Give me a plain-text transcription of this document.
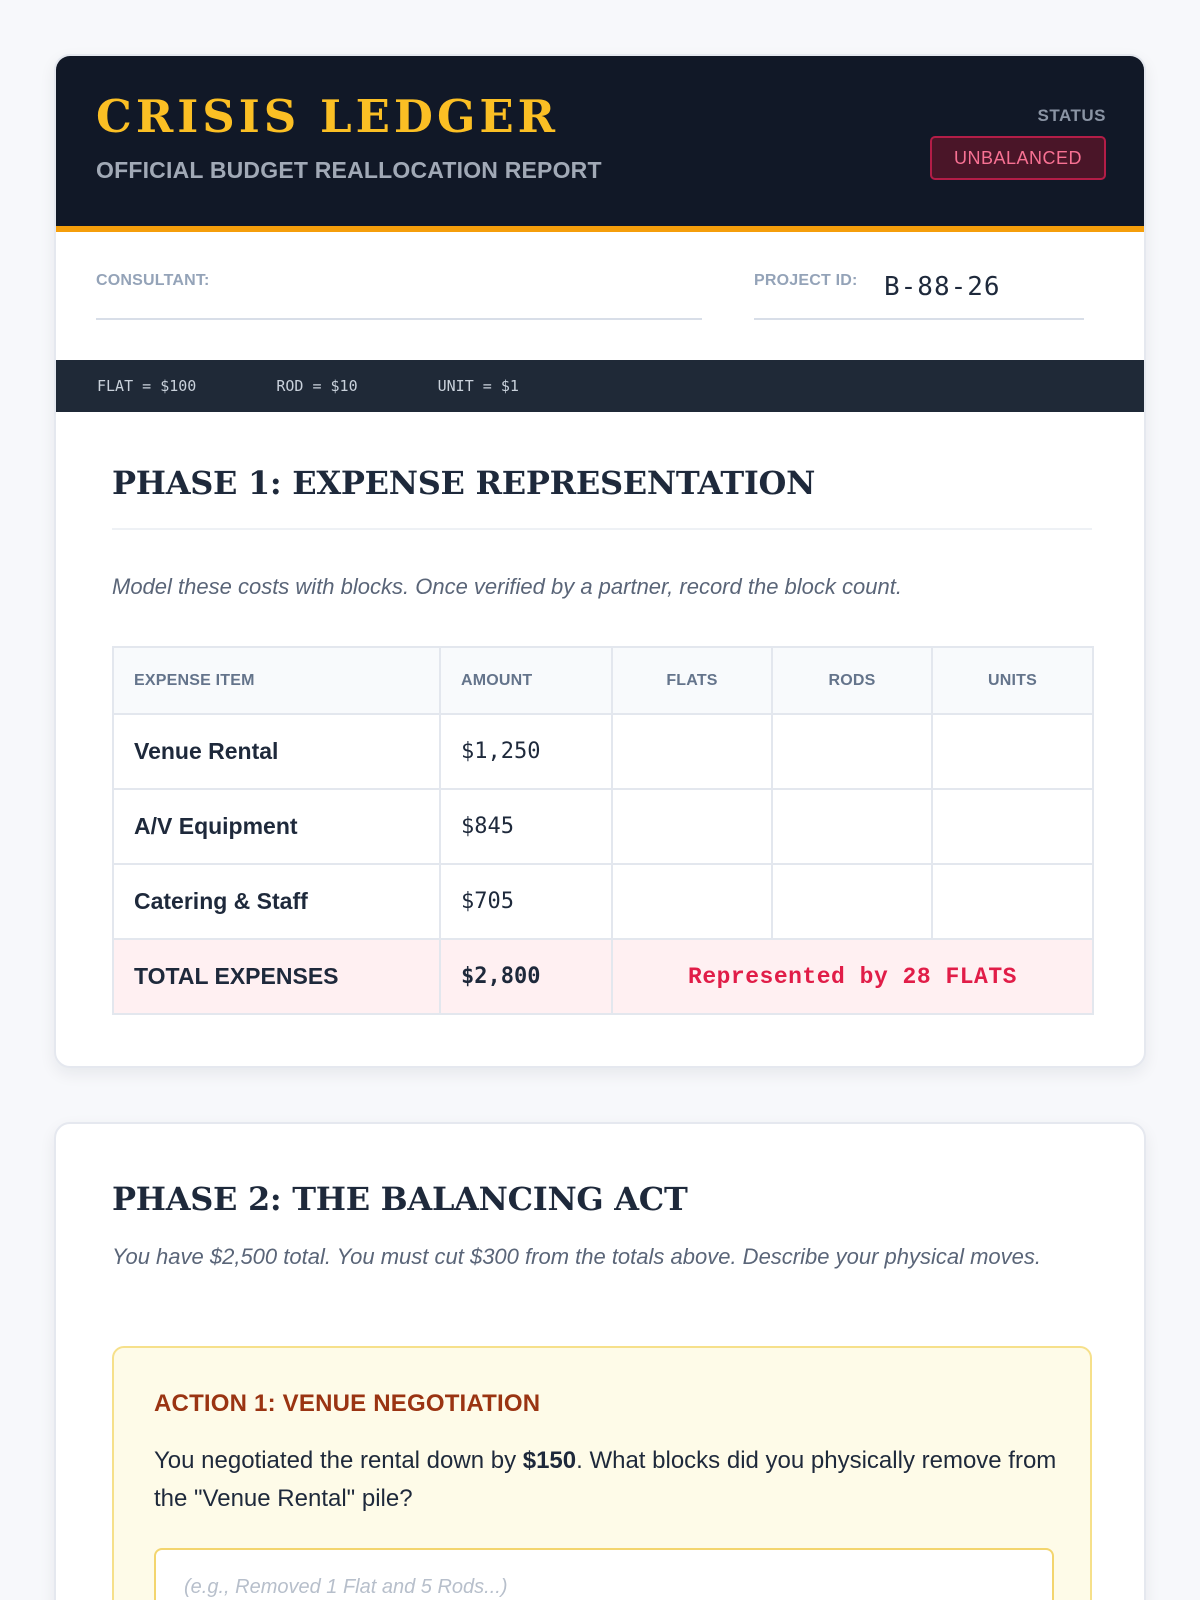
CRISIS LEDGER
OFFICIAL BUDGET REALLOCATION REPORT
STATUS
UNBALANCED
CONSULTANT:	PROJECT ID: B-88-26
FLAT = $100	ROD = $10	UNIT = $1
PHASE 1: EXPENSE REPRESENTATION
Model these costs with blocks. Once verified by a partner, record the block count.
EXPENSE ITEM	AMOUNT	FLATS	RODS	UNITS
Venue Rental	$1,250			
A/V Equipment	$845			
Catering & Staff	$705			
TOTAL EXPENSES	$2,800	Represented by 28 FLATS		
PHASE 2: THE BALANCING ACT
You have $2,500 total. You must cut $300 from the totals above. Describe your physical moves.
ACTION 1: VENUE NEGOTIATION
You negotiated the rental down by $150. What blocks did you physically remove from the "Venue Rental" pile?
(e.g., Removed 1 Flat and 5 Rods...)
